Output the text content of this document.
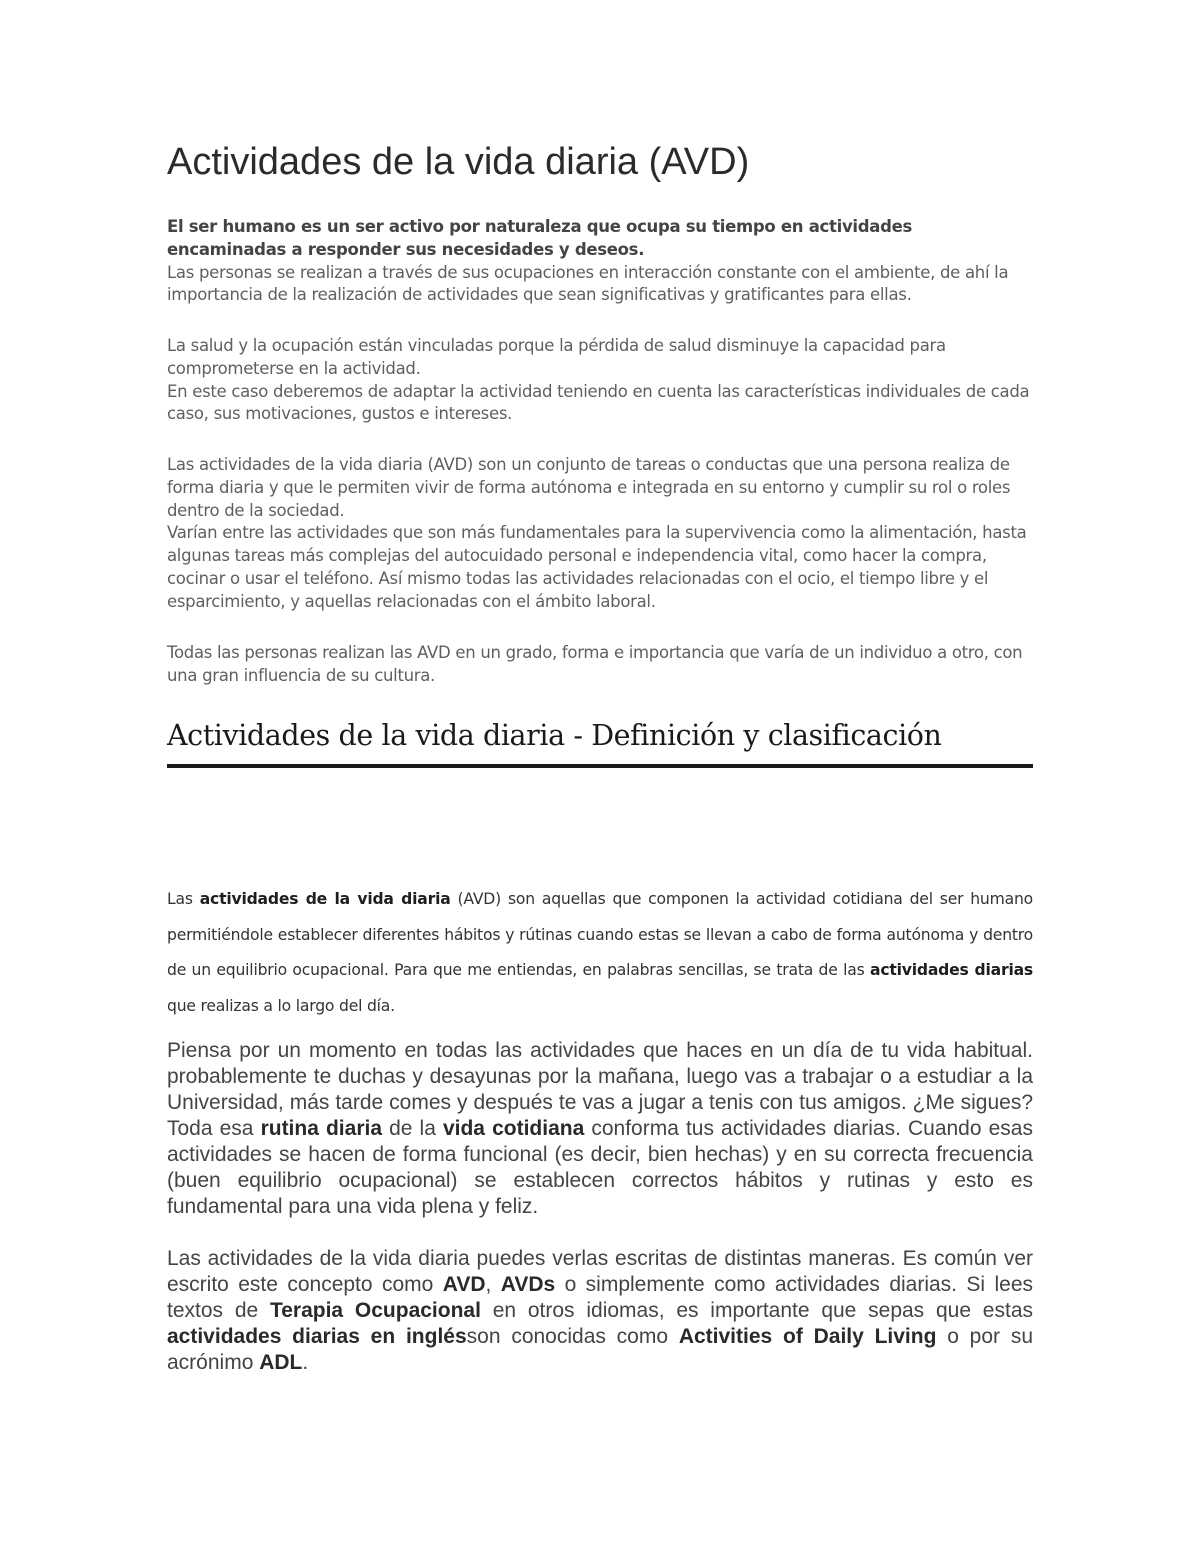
Actividades de la vida diaria (AVD)

El ser humano es un ser activo por naturaleza que ocupa su tiempo en actividades encaminadas a responder sus necesidades y deseos.

Las personas se realizan a través de sus ocupaciones en interacción constante con el ambiente, de ahí la importancia de la realización de actividades que sean significativas y gratificantes para ellas.

La salud y la ocupación están vinculadas porque la pérdida de salud disminuye la capacidad para comprometerse en la actividad.

En este caso deberemos de adaptar la actividad teniendo en cuenta las características individuales de cada caso, sus motivaciones, gustos e intereses.

Las actividades de la vida diaria (AVD) son un conjunto de tareas o conductas que una persona realiza de forma diaria y que le permiten vivir de forma autónoma e integrada en su entorno y cumplir su rol o roles dentro de la sociedad.

Varían entre las actividades que son más fundamentales para la supervivencia como la alimentación, hasta algunas tareas más complejas del autocuidado personal e independencia vital, como hacer la compra, cocinar o usar el teléfono. Así mismo todas las actividades relacionadas con el ocio, el tiempo libre y el esparcimiento, y aquellas relacionadas con el ámbito laboral.

Todas las personas realizan las AVD en un grado, forma e importancia que varía de un individuo a otro, con una gran influencia de su cultura.

Actividades de la vida diaria - Definición y clasificación

Las actividades de la vida diaria (AVD) son aquellas que componen la actividad cotidiana del ser humano permitiéndole establecer diferentes hábitos y rútinas cuando estas se llevan a cabo de forma autónoma y dentro de un equilibrio ocupacional. Para que me entiendas, en palabras sencillas, se trata de las actividades diarias que realizas a lo largo del día.

Piensa por un momento en todas las actividades que haces en un día de tu vida habitual. probablemente te duchas y desayunas por la mañana, luego vas a trabajar o a estudiar a la Universidad, más tarde comes y después te vas a jugar a tenis con tus amigos. ¿Me sigues? Toda esa rutina diaria de la vida cotidiana conforma tus actividades diarias. Cuando esas actividades se hacen de forma funcional (es decir, bien hechas) y en su correcta frecuencia (buen equilibrio ocupacional) se establecen correctos hábitos y rutinas y esto es fundamental para una vida plena y feliz.

Las actividades de la vida diaria puedes verlas escritas de distintas maneras. Es común ver escrito este concepto como AVD, AVDs o simplemente como actividades diarias. Si lees textos de Terapia Ocupacional en otros idiomas, es importante que sepas que estas actividades diarias en inglésson conocidas como Activities of Daily Living o por su acrónimo ADL.
